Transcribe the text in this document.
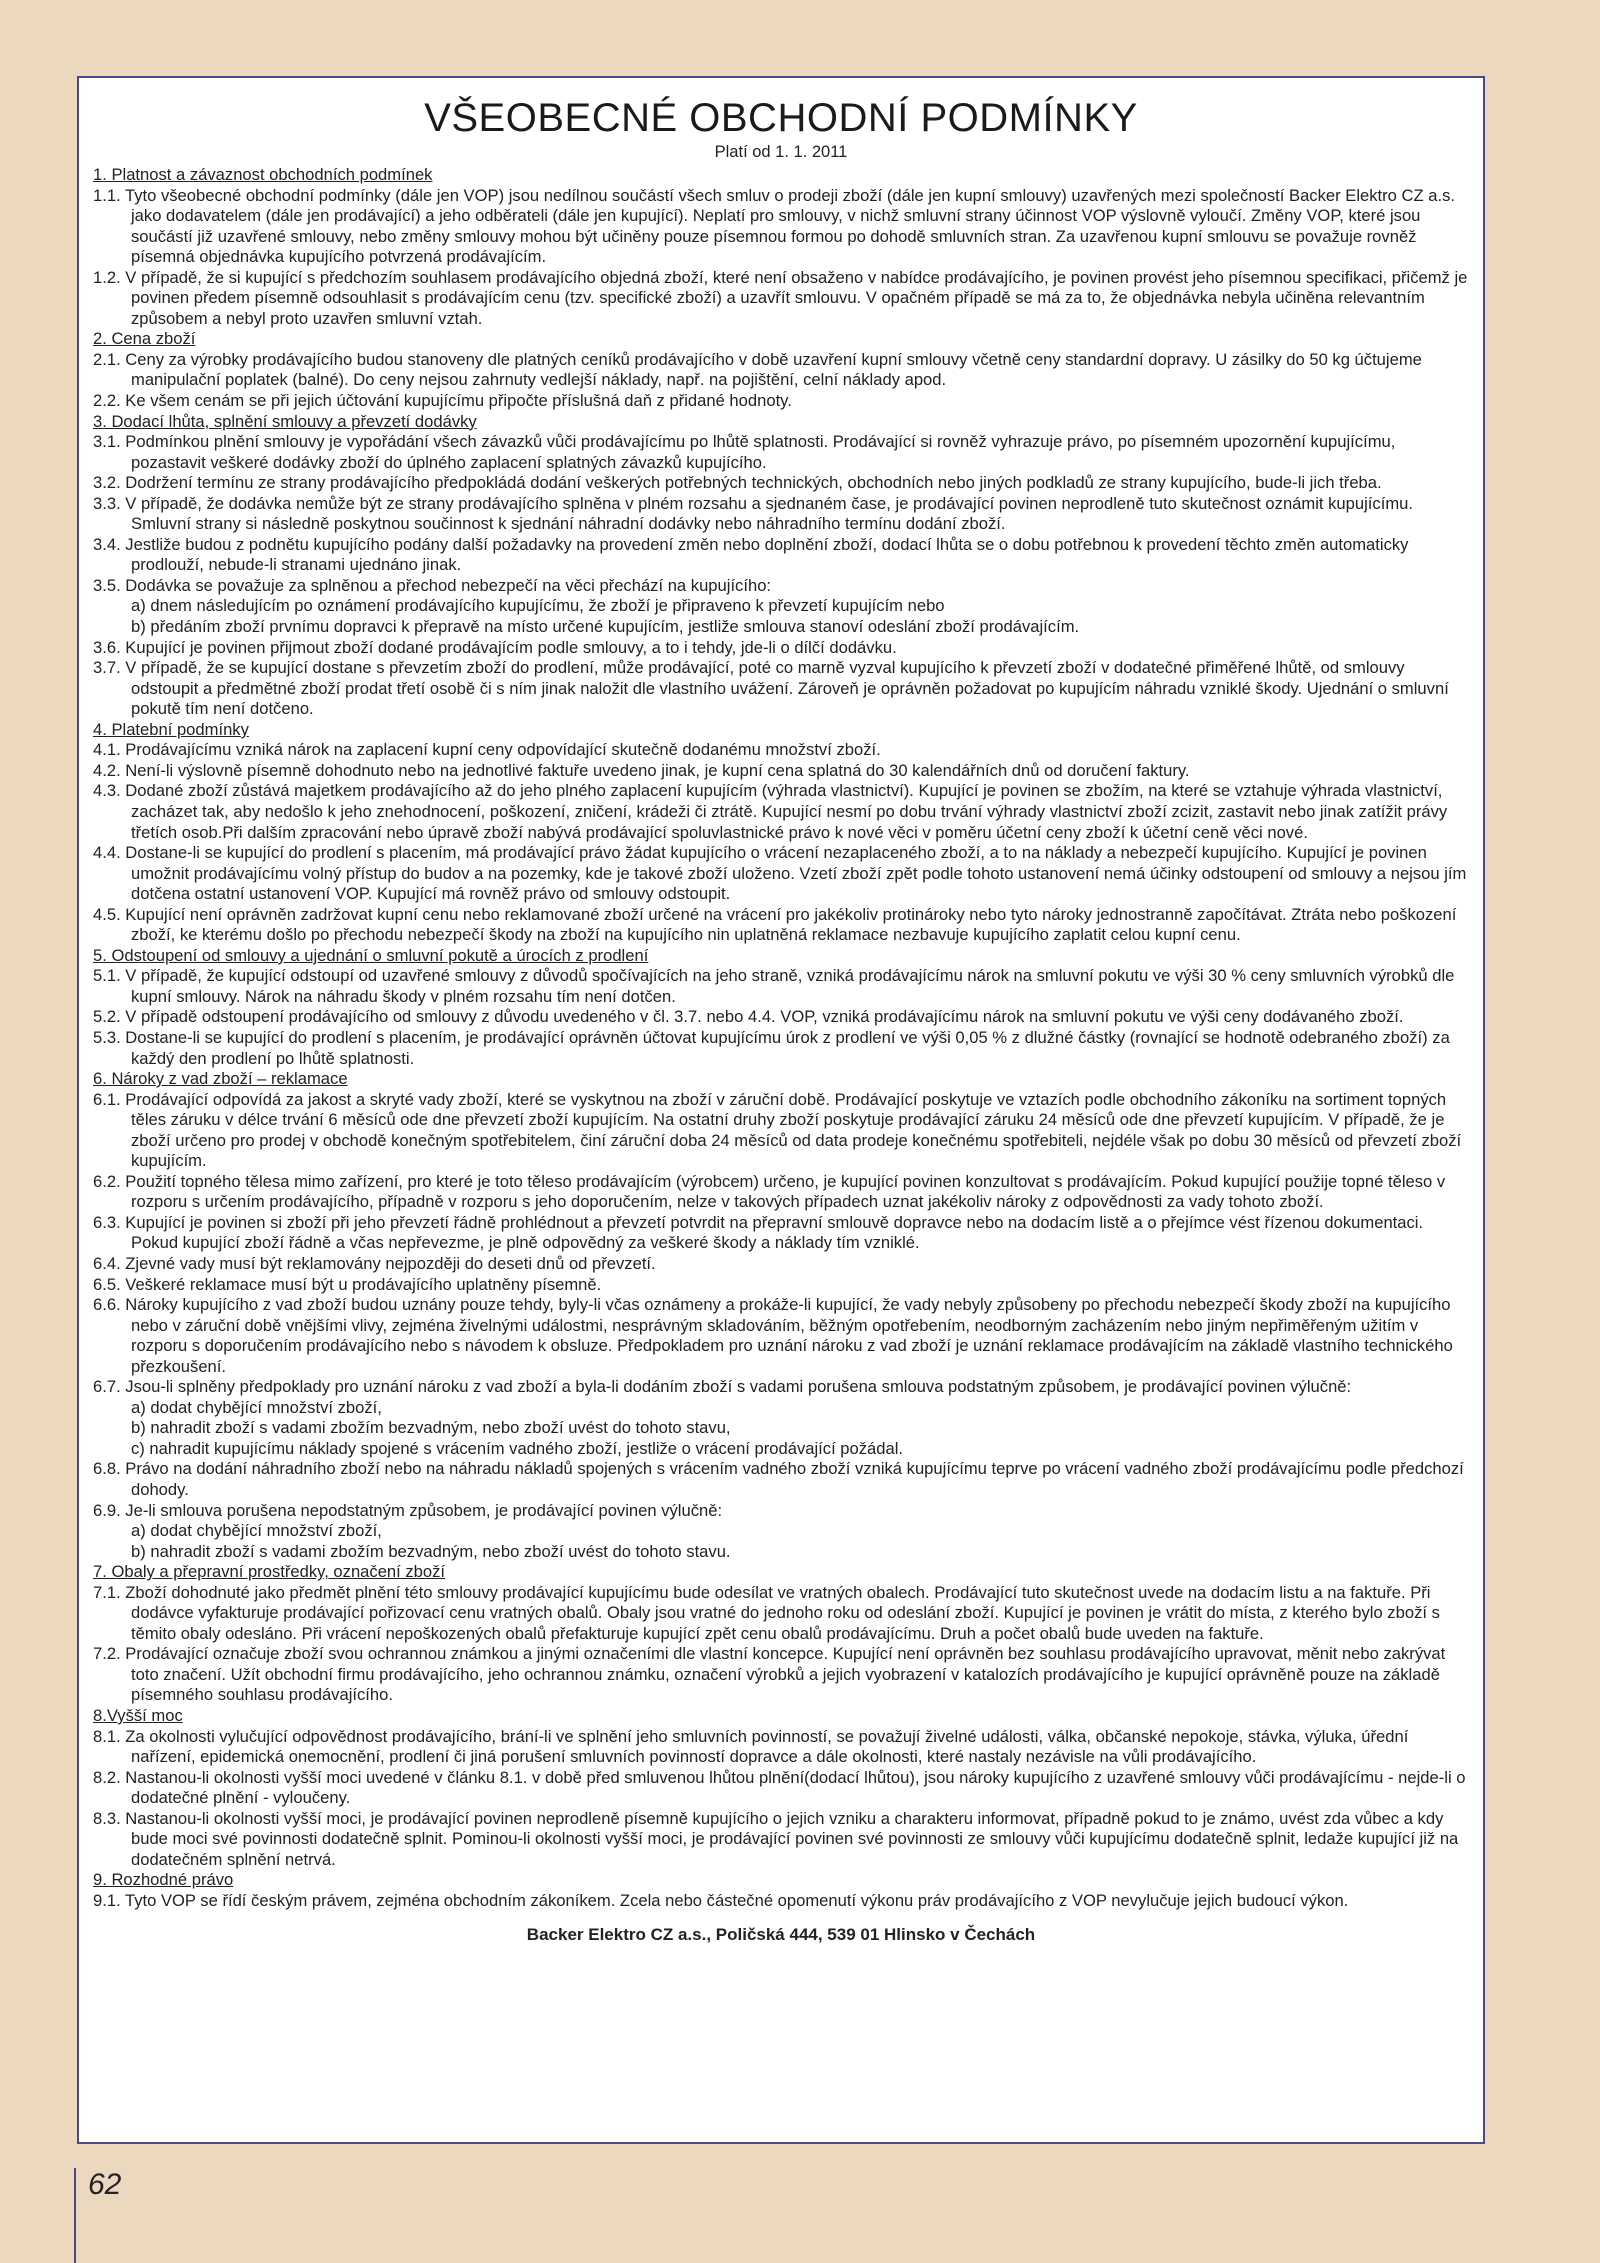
VŠEOBECNÉ OBCHODNÍ PODMÍNKY
Platí od 1. 1. 2011
1. Platnost a závaznost obchodních podmínek
1.1. Tyto všeobecné obchodní podmínky (dále jen VOP) jsou nedílnou součástí všech smluv o prodeji zboží (dále jen kupní smlouvy) uzavřených mezi společností Backer Elektro CZ a.s. jako dodavatelem (dále jen prodávající) a jeho odběrateli (dále jen kupující). Neplatí pro smlouvy, v nichž smluvní strany účinnost VOP výslovně vyloučí. Změny VOP, které jsou součástí již uzavřené smlouvy, nebo změny smlouvy mohou být učiněny pouze písemnou formou po dohodě smluvních stran. Za uzavřenou kupní smlouvu se považuje rovněž písemná objednávka kupujícího potvrzená prodávajícím.
1.2. V případě, že si kupující s předchozím souhlasem prodávajícího objedná zboží, které není obsaženo v nabídce prodávajícího, je povinen provést jeho písemnou specifikaci, přičemž je povinen předem písemně odsouhlasit s prodávajícím cenu (tzv. specifické zboží) a uzavřít smlouvu. V opačném případě se má za to, že objednávka nebyla učiněna relevantním způsobem a nebyl proto uzavřen smluvní vztah.
2. Cena zboží
2.1. Ceny za výrobky prodávajícího budou stanoveny dle platných ceníků prodávajícího v době uzavření kupní smlouvy včetně ceny standardní dopravy. U zásilky do 50 kg účtujeme manipulační poplatek (balné). Do ceny nejsou zahrnuty vedlejší náklady, např. na pojištění, celní náklady apod.
2.2. Ke všem cenám se při jejich účtování kupujícímu připočte příslušná daň z přidané hodnoty.
3. Dodací lhůta, splnění smlouvy a převzetí dodávky
3.1. Podmínkou plnění smlouvy je vypořádání všech závazků vůči prodávajícímu po lhůtě splatnosti. Prodávající si rovněž vyhrazuje právo, po písemném upozornění kupujícímu, pozastavit veškeré dodávky zboží do úplného zaplacení splatných závazků kupujícího.
3.2. Dodržení termínu ze strany prodávajícího předpokládá dodání veškerých potřebných technických, obchodních nebo jiných podkladů ze strany kupujícího, bude-li jich třeba.
3.3. V případě, že dodávka nemůže být ze strany prodávajícího splněna v plném rozsahu a sjednaném čase, je prodávající povinen neprodleně tuto skutečnost oznámit kupujícímu. Smluvní strany si následně poskytnou součinnost k sjednání náhradní dodávky nebo náhradního termínu dodání zboží.
3.4. Jestliže budou z podnětu kupujícího podány další požadavky na provedení změn nebo doplnění zboží, dodací lhůta se o dobu potřebnou k provedení těchto změn automaticky prodlouží, nebude-li stranami ujednáno jinak.
3.5. Dodávka se považuje za splněnou a přechod nebezpečí na věci přechází na kupujícího:
a) dnem následujícím po oznámení prodávajícího kupujícímu, že zboží je připraveno k převzetí kupujícím nebo
b) předáním zboží prvnímu dopravci k přepravě na místo určené kupujícím, jestliže smlouva stanoví odeslání zboží prodávajícím.
3.6. Kupující je povinen přijmout zboží dodané prodávajícím podle smlouvy, a to i tehdy, jde-li o dílčí dodávku.
3.7. V případě, že se kupující dostane s převzetím zboží do prodlení, může prodávající, poté co marně vyzval kupujícího k převzetí zboží v dodatečné přiměřené lhůtě, od smlouvy odstoupit a předmětné zboží prodat třetí osobě či s ním jinak naložit dle vlastního uvážení. Zároveň je oprávněn požadovat po kupujícím náhradu vzniklé škody. Ujednání o smluvní pokutě tím není dotčeno.
4. Platební podmínky
4.1. Prodávajícímu vzniká nárok na zaplacení kupní ceny odpovídající skutečně dodanému množství zboží.
4.2. Není-li výslovně písemně dohodnuto nebo na jednotlivé faktuře uvedeno jinak, je kupní cena splatná do 30 kalendářních dnů od doručení faktury.
4.3. Dodané zboží zůstává majetkem prodávajícího až do jeho plného zaplacení kupujícím (výhrada vlastnictví). Kupující je povinen se zbožím, na které se vztahuje výhrada vlastnictví, zacházet tak, aby nedošlo k jeho znehodnocení, poškození, zničení, krádeži či ztrátě. Kupující nesmí po dobu trvání výhrady vlastnictví zboží zcizit, zastavit nebo jinak zatížit právy třetích osob.Při dalším zpracování nebo úpravě zboží nabývá prodávající spoluvlastnické právo k nové věci v poměru účetní ceny zboží k účetní ceně věci nové.
4.4. Dostane-li se kupující do prodlení s placením, má prodávající právo žádat kupujícího o vrácení nezaplaceného zboží, a to na náklady a nebezpečí kupujícího. Kupující je povinen umožnit prodávajícímu volný přístup do budov a na pozemky, kde je takové zboží uloženo. Vzetí zboží zpět podle tohoto ustanovení nemá účinky odstoupení od smlouvy a nejsou jím dotčena ostatní ustanovení VOP. Kupující má rovněž právo od smlouvy odstoupit.
4.5. Kupující není oprávněn zadržovat kupní cenu nebo reklamované zboží určené na vrácení pro jakékoliv protinároky nebo tyto nároky jednostranně započítávat. Ztráta nebo poškození zboží, ke kterému došlo po přechodu nebezpečí škody na zboží na kupujícího nin uplatněná reklamace nezbavuje kupujícího zaplatit celou kupní cenu.
5. Odstoupení od smlouvy a ujednání o smluvní pokutě a úrocích z prodlení
5.1. V případě, že kupující odstoupí od uzavřené smlouvy z důvodů spočívajících na jeho straně, vzniká prodávajícímu nárok na smluvní pokutu ve výši 30 % ceny smluvních výrobků dle kupní smlouvy. Nárok na náhradu škody v plném rozsahu tím není dotčen.
5.2. V případě odstoupení prodávajícího od smlouvy z důvodu uvedeného v čl. 3.7. nebo 4.4. VOP, vzniká prodávajícímu nárok na smluvní pokutu ve výši ceny dodávaného zboží.
5.3. Dostane-li se kupující do prodlení s placením, je prodávající oprávněn účtovat kupujícímu úrok z prodlení ve výši 0,05 % z dlužné částky (rovnající se hodnotě odebraného zboží) za každý den prodlení po lhůtě splatnosti.
6. Nároky z vad zboží – reklamace
6.1. Prodávající odpovídá za jakost a skryté vady zboží, které se vyskytnou na zboží v záruční době. Prodávající poskytuje ve vztazích podle obchodního zákoníku na sortiment topných těles záruku v délce trvání 6 měsíců ode dne převzetí zboží kupujícím. Na ostatní druhy zboží poskytuje prodávající záruku 24 měsíců ode dne převzetí kupujícím. V případě, že je zboží určeno pro prodej v obchodě konečným spotřebitelem, činí záruční doba 24 měsíců od data prodeje konečnému spotřebiteli, nejdéle však po dobu 30 měsíců od převzetí zboží kupujícím.
6.2. Použití topného tělesa mimo zařízení, pro které je toto těleso prodávajícím (výrobcem) určeno, je kupující povinen konzultovat s prodávajícím. Pokud kupující použije topné těleso v rozporu s určením prodávajícího, případně v rozporu s jeho doporučením, nelze v takových případech uznat jakékoliv nároky z odpovědnosti za vady tohoto zboží.
6.3. Kupující je povinen si zboží při jeho převzetí řádně prohlédnout a převzetí potvrdit na přepravní smlouvě dopravce nebo na dodacím listě a o přejímce vést řízenou dokumentaci. Pokud kupující zboží řádně a včas nepřevezme, je plně odpovědný za veškeré škody a náklady tím vzniklé.
6.4. Zjevné vady musí být reklamovány nejpozději do deseti dnů od převzetí.
6.5. Veškeré reklamace musí být u prodávajícího uplatněny písemně.
6.6. Nároky kupujícího z vad zboží budou uznány pouze tehdy, byly-li včas oznámeny a prokáže-li kupující, že vady nebyly způsobeny po přechodu nebezpečí škody zboží na kupujícího nebo v záruční době vnějšími vlivy, zejména živelnými událostmi, nesprávným skladováním, běžným opotřebením, neodborným zacházením nebo jiným nepřiměřeným užitím v rozporu s doporučením prodávajícího nebo s návodem k obsluze. Předpokladem pro uznání nároku z vad zboží je uznání reklamace prodávajícím na základě vlastního technického přezkoušení.
6.7. Jsou-li splněny předpoklady pro uznání nároku z vad zboží a byla-li dodáním zboží s vadami porušena smlouva podstatným způsobem, je prodávající povinen výlučně:
a) dodat chybějící množství zboží,
b) nahradit zboží s vadami zbožím bezvadným, nebo zboží uvést do tohoto stavu,
c) nahradit kupujícímu náklady spojené s vrácením vadného zboží, jestliže o vrácení prodávající požádal.
6.8. Právo na dodání náhradního zboží nebo na náhradu nákladů spojených s vrácením vadného zboží vzniká kupujícímu teprve po vrácení vadného zboží prodávajícímu podle předchozí dohody.
6.9. Je-li smlouva porušena nepodstatným způsobem, je prodávající povinen výlučně:
a) dodat chybějící množství zboží,
b) nahradit zboží s vadami zbožím bezvadným, nebo zboží uvést do tohoto stavu.
7. Obaly a přepravní prostředky, označení zboží
7.1. Zboží dohodnuté jako předmět plnění této smlouvy prodávající kupujícímu bude odesílat ve vratných obalech. Prodávající tuto skutečnost uvede na dodacím listu a na faktuře. Při dodávce vyfakturuje prodávající pořizovací cenu vratných obalů. Obaly jsou vratné do jednoho roku od odeslání zboží. Kupující je povinen je vrátit do místa, z kterého bylo zboží s těmito obaly odesláno. Při vrácení nepoškozených obalů přefakturuje kupující zpět cenu obalů prodávajícímu. Druh a počet obalů bude uveden na faktuře.
7.2. Prodávající označuje zboží svou ochrannou známkou a jinými označeními dle vlastní koncepce. Kupující není oprávněn bez souhlasu prodávajícího upravovat, měnit nebo zakrývat toto značení. Užít obchodní firmu prodávajícího, jeho ochrannou známku, označení výrobků a jejich vyobrazení v katalozích prodávajícího je kupující oprávněně pouze na základě písemného souhlasu prodávajícího.
8.Vyšší moc
8.1. Za okolnosti vylučující odpovědnost prodávajícího, brání-li ve splnění jeho smluvních povinností, se považují živelné události, válka, občanské nepokoje, stávka, výluka, úřední nařízení, epidemická onemocnění, prodlení či jiná porušení smluvních povinností dopravce a dále okolnosti, které nastaly nezávisle na vůli prodávajícího.
8.2. Nastanou-li okolnosti vyšší moci uvedené v článku 8.1. v době před smluvenou lhůtou plnění(dodací lhůtou), jsou nároky kupujícího z uzavřené smlouvy vůči prodávajícímu - nejde-li o dodatečné plnění - vyloučeny.
8.3. Nastanou-li okolnosti vyšší moci, je prodávající povinen neprodleně písemně kupujícího o jejich vzniku a charakteru informovat, případně pokud to je známo, uvést zda vůbec a kdy bude moci své povinnosti dodatečně splnit. Pominou-li okolnosti vyšší moci, je prodávající povinen své povinnosti ze smlouvy vůči kupujícímu dodatečně splnit, ledaže kupující již na dodatečném splnění netrvá.
9. Rozhodné právo
9.1. Tyto VOP se řídí českým právem, zejména obchodním zákoníkem. Zcela nebo částečné opomenutí výkonu práv prodávajícího z VOP nevylučuje jejich budoucí výkon.
Backer Elektro CZ a.s., Poličská 444, 539 01 Hlinsko v Čechách
62
